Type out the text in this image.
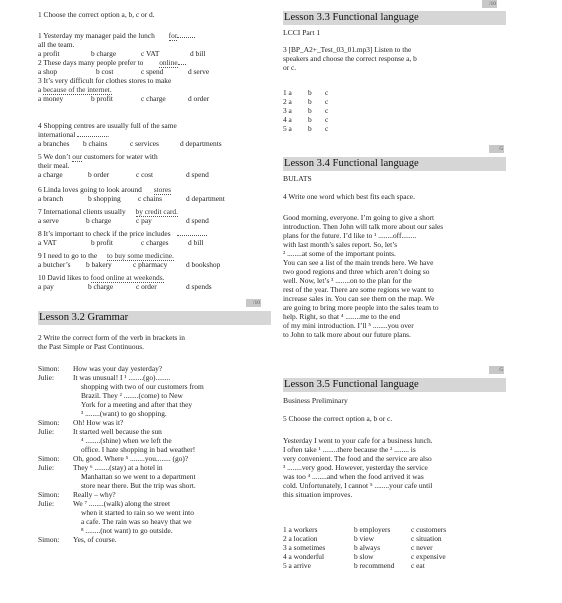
/10
1 Choose the correct option a, b, c or d.
1 Yesterday my manager paid the lunch for
all the team.
a profit	b charge	c VAT	d bill
2 These days many people prefer to online
a shop	b cost	c spend	d serve
3 It’s very difficult for clothes stores to make
a because of the internet.
a money	b profit	c charge	d order
4 Shopping centres are usually full of the same
international	.
a branches b chains	c services	d departments
5 We don’t our customers for water with
their meal.
a charge	b order	c cost	d spend
6 Linda loves going to look around stores
a branch	b shopping c chains	d department
7 International clients usually by credit card.
a serve	b charge	c pay	d spend
8 It’s important to check if the price includes
a VAT	b profit	c charges	d bill
9 I need to go to the to buy some medicine.
a butcher’s b bakery	c pharmacy	d bookshop
10 David likes to food online at weekends.
a pay	b charge	c order	d spends
/10
Lesson 3.2 Grammar
2 Write the correct form of the verb in brackets in
the Past Simple or Past Continuous.
Simon: How was your day yesterday?
Julie:	It was unusual! I ¹ ........(go)........
shopping with two of our customers from
Brazil. They ² ........(come) to New
York for a meeting and after that they
³ ........(want) to go shopping.
Simon: Oh! How was it?
Julie:	It started well because the sun
⁴ ........(shine) when we left the
office. I hate shopping in bad weather!
Simon: Oh, good. Where ⁵ ........you........ (go)?
Julie:	They ⁶ ........(stay) at a hotel in
Manhattan so we went to a department
store near there. But the trip was short.
Simon: Really – why?
Julie:	We ⁷ ........(walk) along the street
when it started to rain so we went into
a cafe. The rain was so heavy that we
⁸ ........(not want) to go outside.
Simon: Yes, of course.
Lesson 3.3 Functional language
LCCI Part 1
3 [BP_A2+_Test_03_01.mp3] Listen to the
speakers and choose the correct response a, b
or c.
1 a b c
2 a b c
3 a b c
4 a b c
5 a b c
/5
Lesson 3.4 Functional language
BULATS
4 Write one word which best fits each space.
Good morning, everyone. I’m going to give a short
introduction. Then John will talk more about our sales
plans for the future. I’d like to ¹ ........off........
with last month’s sales report. So, let’s
² ........at some of the important points.
You can see a list of the main trends here. We have
two good regions and three which aren’t doing so
well. Now, let’s ³ ........on to the plan for the
rest of the year. There are some regions we want to
increase sales in. You can see them on the map. We
are going to bring more people into the sales team to
help. Right, so that ⁴ ........me to the end
of my mini introduction. I’ll ⁵ ........you over
to John to talk more about our future plans.
/5
Lesson 3.5 Functional language
Business Preliminary
5 Choose the correct option a, b or c.
Yesterday I went to your cafe for a business lunch.
I often take ¹ ........there because the ² ........ is
very convenient. The food and the service are also
³ ........very good. However, yesterday the service
was too ⁴ ........and when the food arrived it was
cold. Unfortunately, I cannot ⁵ ........your cafe until
this situation improves.
1 a workers	b employers	c customers
2 a location	b view	c situation
3 a sometimes	b always	c never
4 a wonderful	b slow	c expensive
5 a arrive	b recommend c eat
